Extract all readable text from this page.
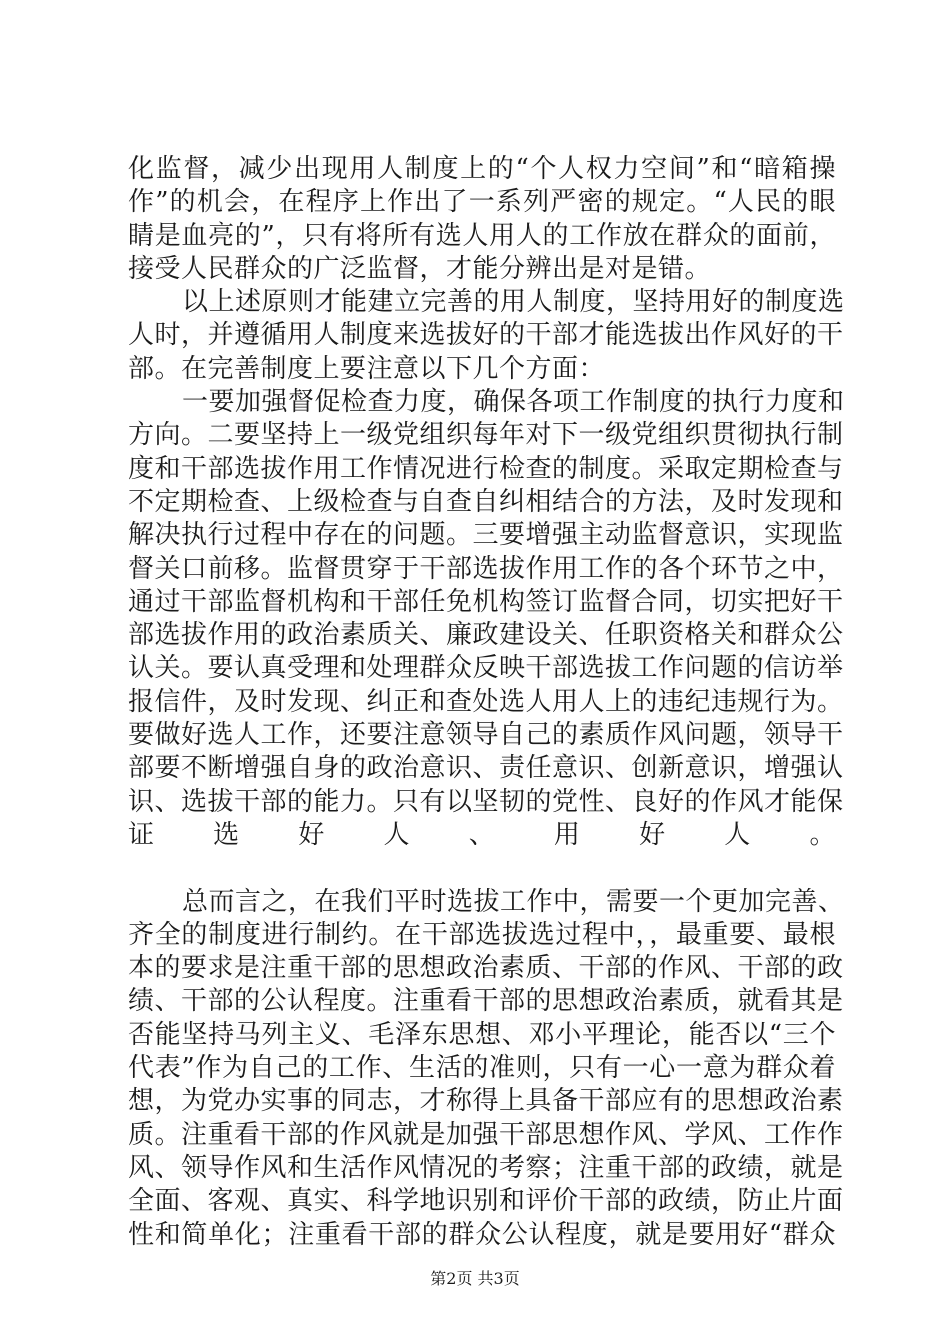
化监督，减少出现用人制度上的“个人权力空间”和“暗箱操
作”的机会，在程序上作出了一系列严密的规定。“人民的眼
睛是血亮的”，只有将所有选人用人的工作放在群众的面前，
接受人民群众的广泛监督，才能分辨出是对是错。
以上述原则才能建立完善的用人制度，坚持用好的制度选
人时，并遵循用人制度来选拔好的干部才能选拔出作风好的干
部。在完善制度上要注意以下几个方面：
一要加强督促检查力度，确保各项工作制度的执行力度和
方向。二要坚持上一级党组织每年对下一级党组织贯彻执行制
度和干部选拔作用工作情况进行检查的制度。采取定期检查与
不定期检查、上级检查与自查自纠相结合的方法，及时发现和
解决执行过程中存在的问题。三要增强主动监督意识，实现监
督关口前移。监督贯穿于干部选拔作用工作的各个环节之中，
通过干部监督机构和干部任免机构签订监督合同，切实把好干
部选拔作用的政治素质关、廉政建设关、任职资格关和群众公
认关。要认真受理和处理群众反映干部选拔工作问题的信访举
报信件，及时发现、纠正和查处选人用人上的违纪违规行为。
要做好选人工作，还要注意领导自己的素质作风问题，领导干
部要不断增强自身的政治意识、责任意识、创新意识，增强认
识、选拔干部的能力。只有以坚韧的党性、良好的作风才能保
证选好人、用好人。
总而言之，在我们平时选拔工作中，需要一个更加完善、
齐全的制度进行制约。在干部选拔选过程中，，最重要、最根
本的要求是注重干部的思想政治素质、干部的作风、干部的政
绩、干部的公认程度。注重看干部的思想政治素质，就看其是
否能坚持马列主义、毛泽东思想、邓小平理论，能否以“三个
代表”作为自己的工作、生活的准则，只有一心一意为群众着
想，为党办实事的同志，才称得上具备干部应有的思想政治素
质。注重看干部的作风就是加强干部思想作风、学风、工作作
风、领导作风和生活作风情况的考察；注重干部的政绩，就是
全面、客观、真实、科学地识别和评价干部的政绩，防止片面
性和简单化；注重看干部的群众公认程度，就是要用好“群众
第2页 共3页
